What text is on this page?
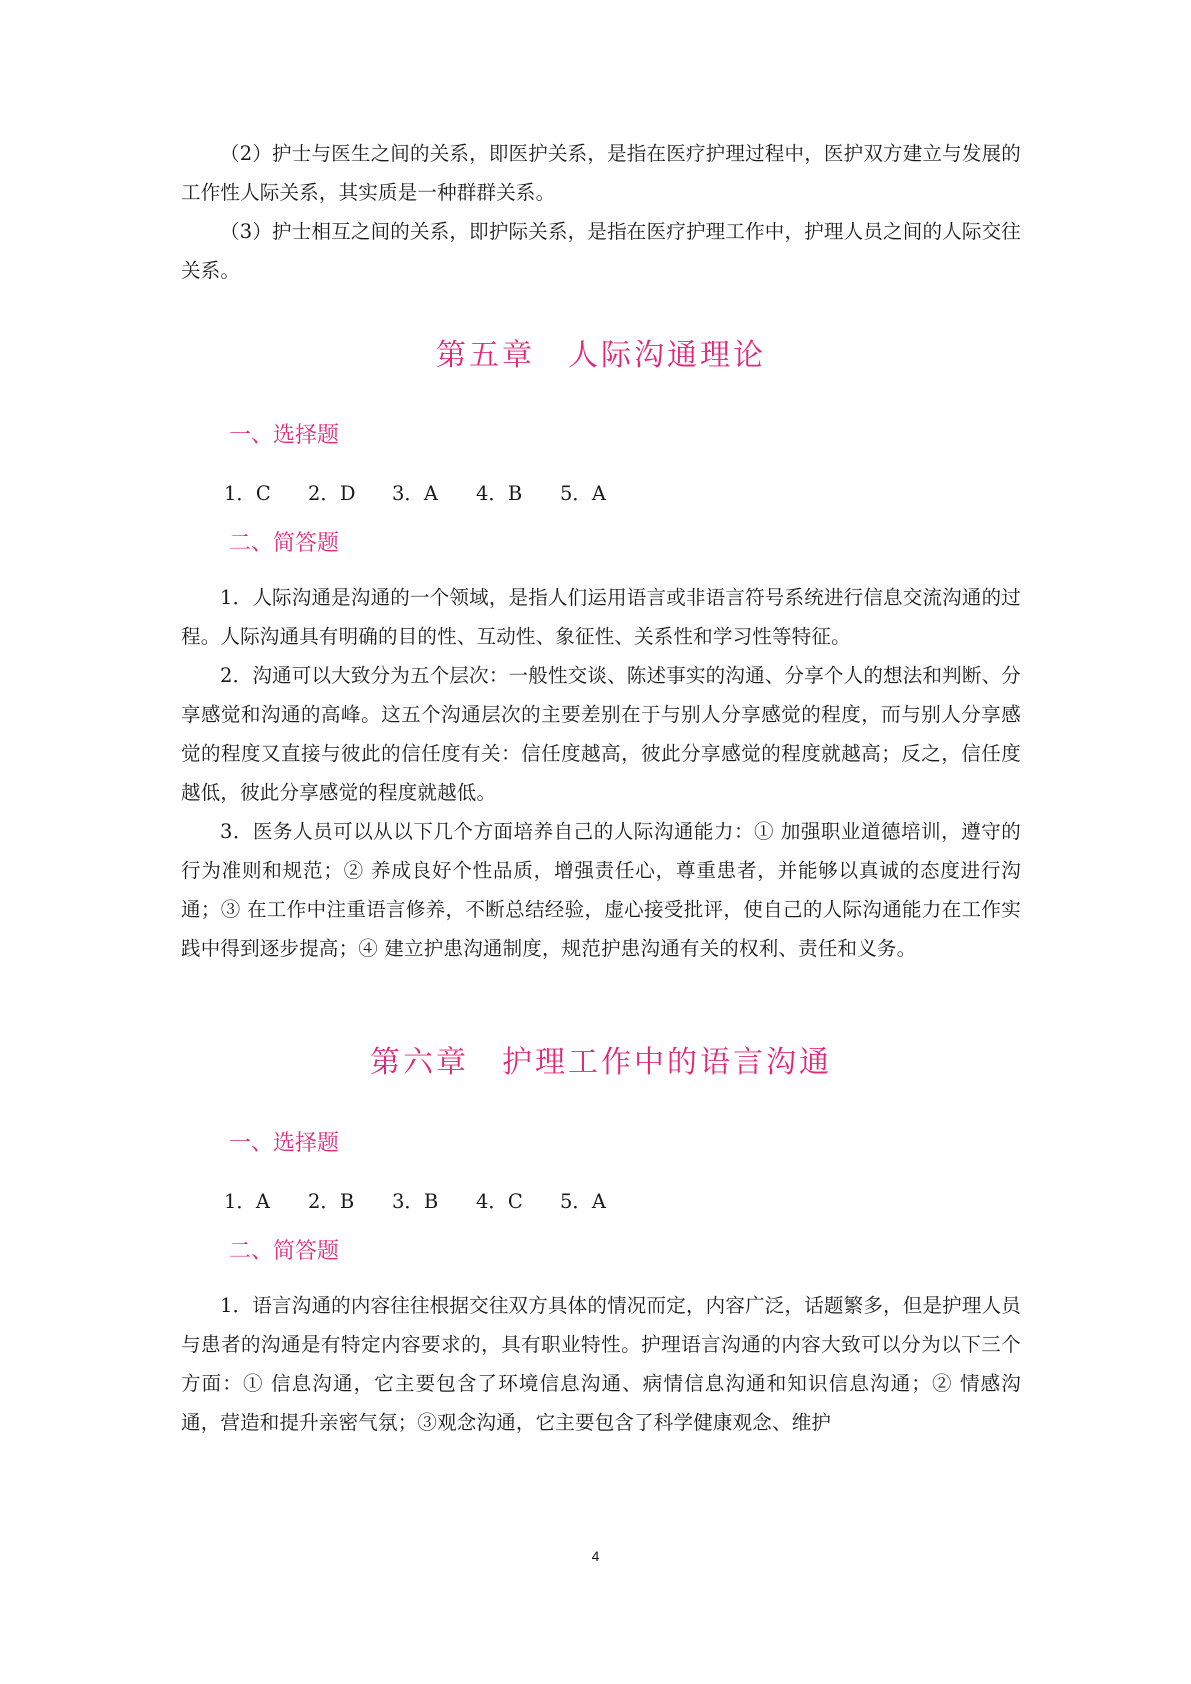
（2）护士与医生之间的关系，即医护关系，是指在医疗护理过程中，医护双方建立与发展的工作性人际关系，其实质是一种群群关系。

（3）护士相互之间的关系，即护际关系，是指在医疗护理工作中，护理人员之间的人际交往关系。

第五章　人际沟通理论
一、选择题
1．C	2．D	3．A	4．B	5．A
二、简答题

1．人际沟通是沟通的一个领域，是指人们运用语言或非语言符号系统进行信息交流沟通的过程。人际沟通具有明确的目的性、互动性、象征性、关系性和学习性等特征。

2．沟通可以大致分为五个层次：一般性交谈、陈述事实的沟通、分享个人的想法和判断、分享感觉和沟通的高峰。这五个沟通层次的主要差别在于与别人分享感觉的程度，而与别人分享感觉的程度又直接与彼此的信任度有关：信任度越高，彼此分享感觉的程度就越高；反之，信任度越低，彼此分享感觉的程度就越低。

3．医务人员可以从以下几个方面培养自己的人际沟通能力：① 加强职业道德培训，遵守的行为准则和规范；② 养成良好个性品质，增强责任心，尊重患者，并能够以真诚的态度进行沟通；③ 在工作中注重语言修养，不断总结经验，虚心接受批评，使自己的人际沟通能力在工作实践中得到逐步提高；④ 建立护患沟通制度，规范护患沟通有关的权利、责任和义务。

第六章　护理工作中的语言沟通
一、选择题
1．A	2．B	3．B	4．C	5．A
二、简答题

1．语言沟通的内容往往根据交往双方具体的情况而定，内容广泛，话题繁多，但是护理人员与患者的沟通是有特定内容要求的，具有职业特性。护理语言沟通的内容大致可以分为以下三个方面：① 信息沟通，它主要包含了环境信息沟通、病情信息沟通和知识信息沟通；② 情感沟通，营造和提升亲密气氛；③观念沟通，它主要包含了科学健康观念、维护

4
